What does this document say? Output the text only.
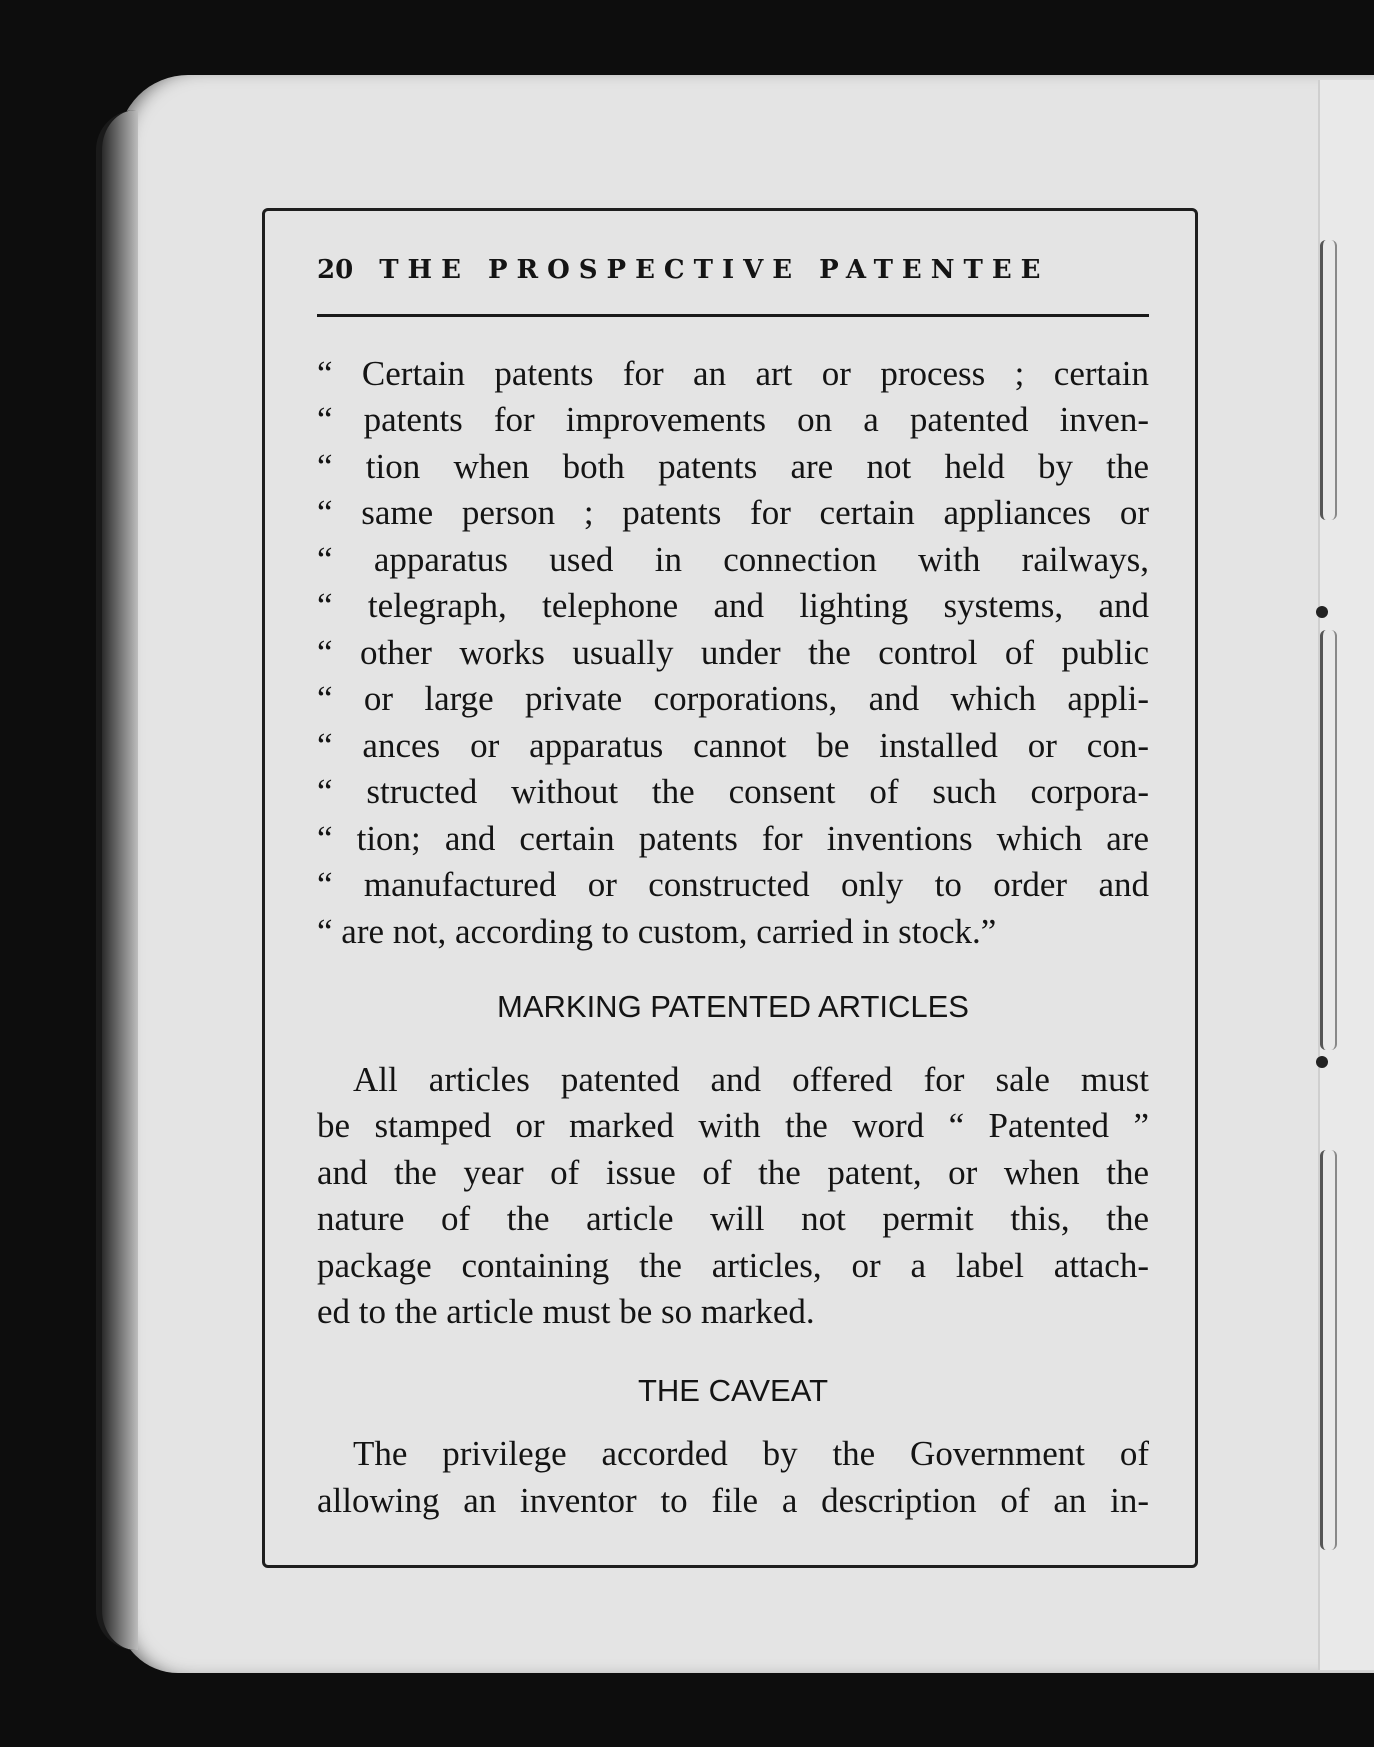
20 THE PROSPECTIVE PATENTEE
“ Certain patents for an art or process ; certain
“ patents for improvements on a patented inven-
“ tion when both patents are not held by the
“ same person ; patents for certain appliances or
“ apparatus used in connection with railways,
“ telegraph, telephone and lighting systems, and
“ other works usually under the control of public
“ or large private corporations, and which appli-
“ ances or apparatus cannot be installed or con-
“ structed without the consent of such corpora-
“ tion; and certain patents for inventions which are
“ manufactured or constructed only to order and
“ are not, according to custom, carried in stock.”
MARKING PATENTED ARTICLES
All articles patented and offered for sale must
be stamped or marked with the word “ Patented ”
and the year of issue of the patent, or when the
nature of the article will not permit this, the
package containing the articles, or a label attach-
ed to the article must be so marked.
THE CAVEAT
The privilege accorded by the Government of
allowing an inventor to file a description of an in-
